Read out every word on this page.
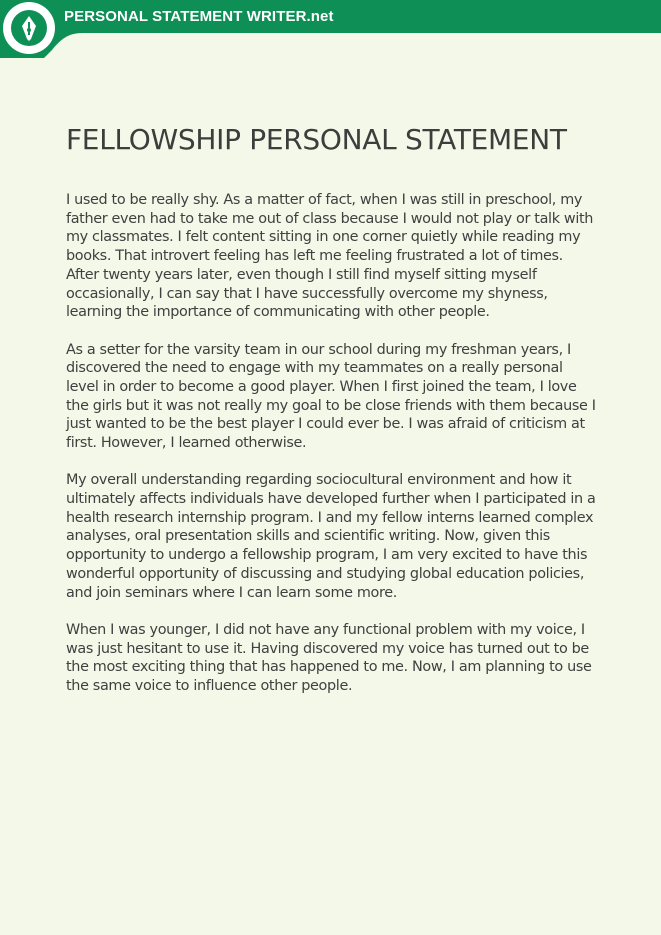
PERSONAL STATEMENT WRITER.net
FELLOWSHIP PERSONAL STATEMENT

I used to be really shy. As a matter of fact, when I was still in preschool, my father even had to take me out of class because I would not play or talk with my classmates. I felt content sitting in one corner quietly while reading my books. That introvert feeling has left me feeling frustrated a lot of times. After twenty years later, even though I still find myself sitting myself occasionally, I can say that I have successfully overcome my shyness, learning the importance of communicating with other people.

As a setter for the varsity team in our school during my freshman years, I discovered the need to engage with my teammates on a really personal level in order to become a good player. When I first joined the team, I love the girls but it was not really my goal to be close friends with them because I just wanted to be the best player I could ever be. I was afraid of criticism at first. However, I learned otherwise.

My overall understanding regarding sociocultural environment and how it ultimately affects individuals have developed further when I participated in a health research internship program. I and my fellow interns learned complex analyses, oral presentation skills and scientific writing. Now, given this opportunity to undergo a fellowship program, I am very excited to have this wonderful opportunity of discussing and studying global education policies, and join seminars where I can learn some more.

When I was younger, I did not have any functional problem with my voice, I was just hesitant to use it. Having discovered my voice has turned out to be the most exciting thing that has happened to me. Now, I am planning to use the same voice to influence other people.
